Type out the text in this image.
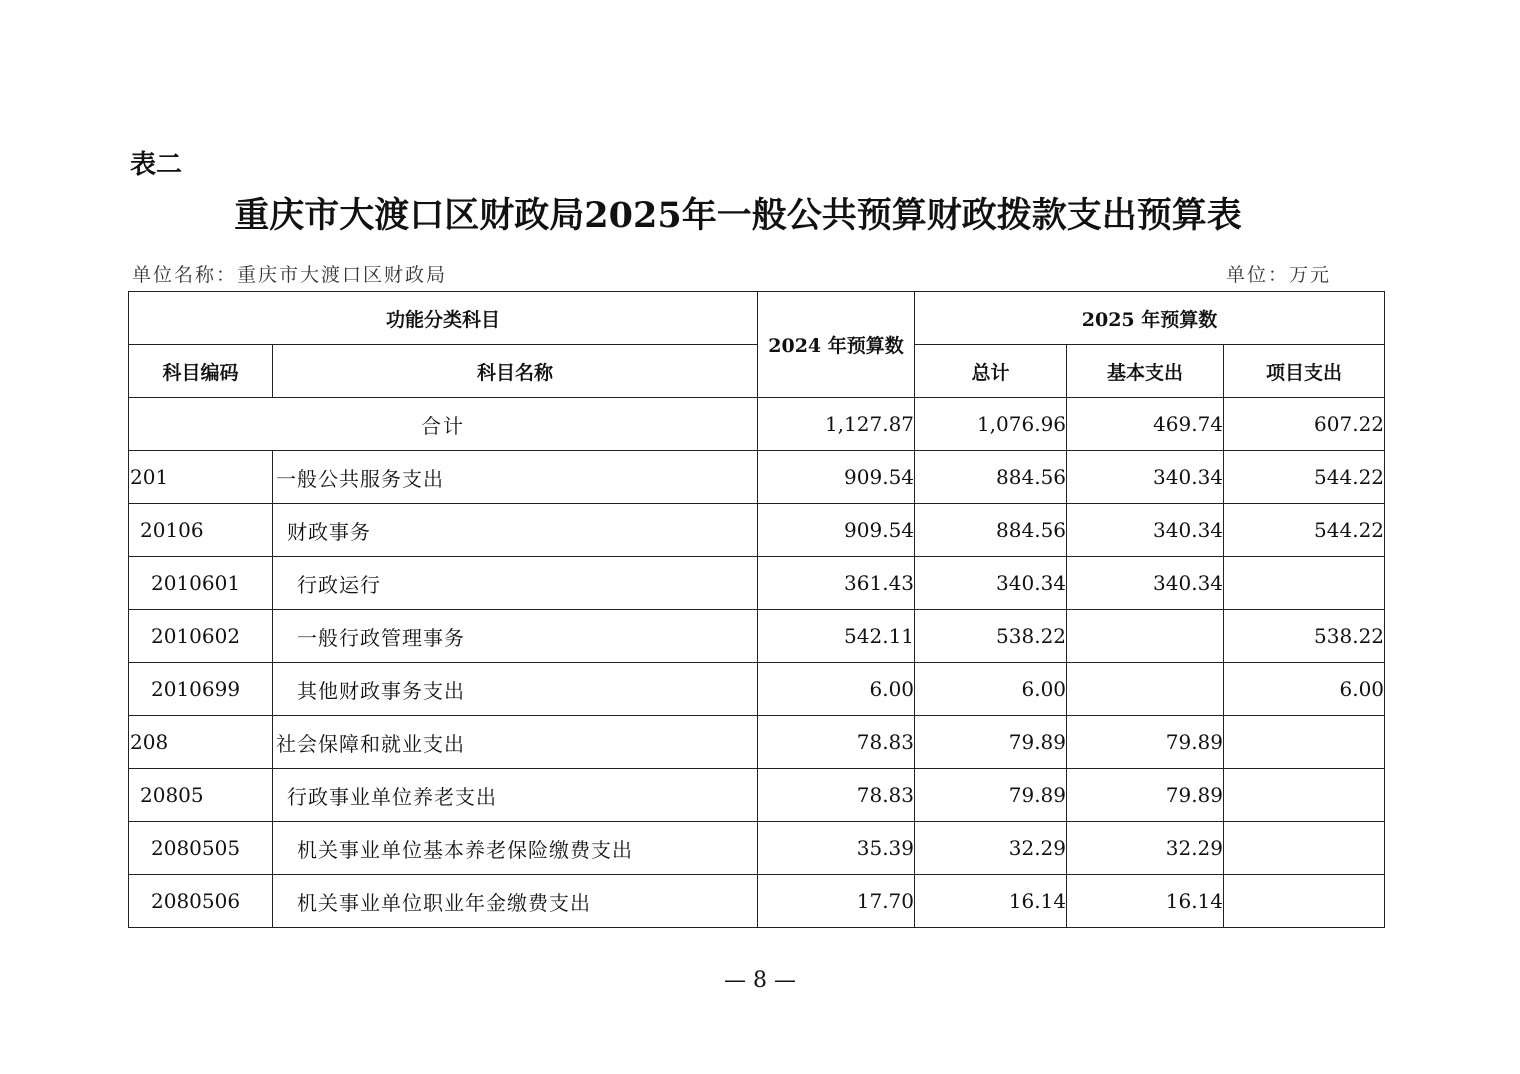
表二
重庆市大渡口区财政局2025年一般公共预算财政拨款支出预算表
单位名称：重庆市大渡口区财政局	单位：万元
功能分类科目		2024 年预算数	2025 年预算数		
科目编码	科目名称		总计	基本支出	项目支出
合计		1,127.87	1,076.96	469.74	607.22
201	一般公共服务支出	909.54	884.56	340.34	544.22
20106	财政事务	909.54	884.56	340.34	544.22
2010601	行政运行	361.43	340.34	340.34	
2010602	一般行政管理事务	542.11	538.22		538.22
2010699	其他财政事务支出	6.00	6.00		6.00
208	社会保障和就业支出	78.83	79.89	79.89	
20805	行政事业单位养老支出	78.83	79.89	79.89	
2080505	机关事业单位基本养老保险缴费支出	35.39	32.29	32.29	
2080506	机关事业单位职业年金缴费支出	17.70	16.14	16.14	
— 8 —
